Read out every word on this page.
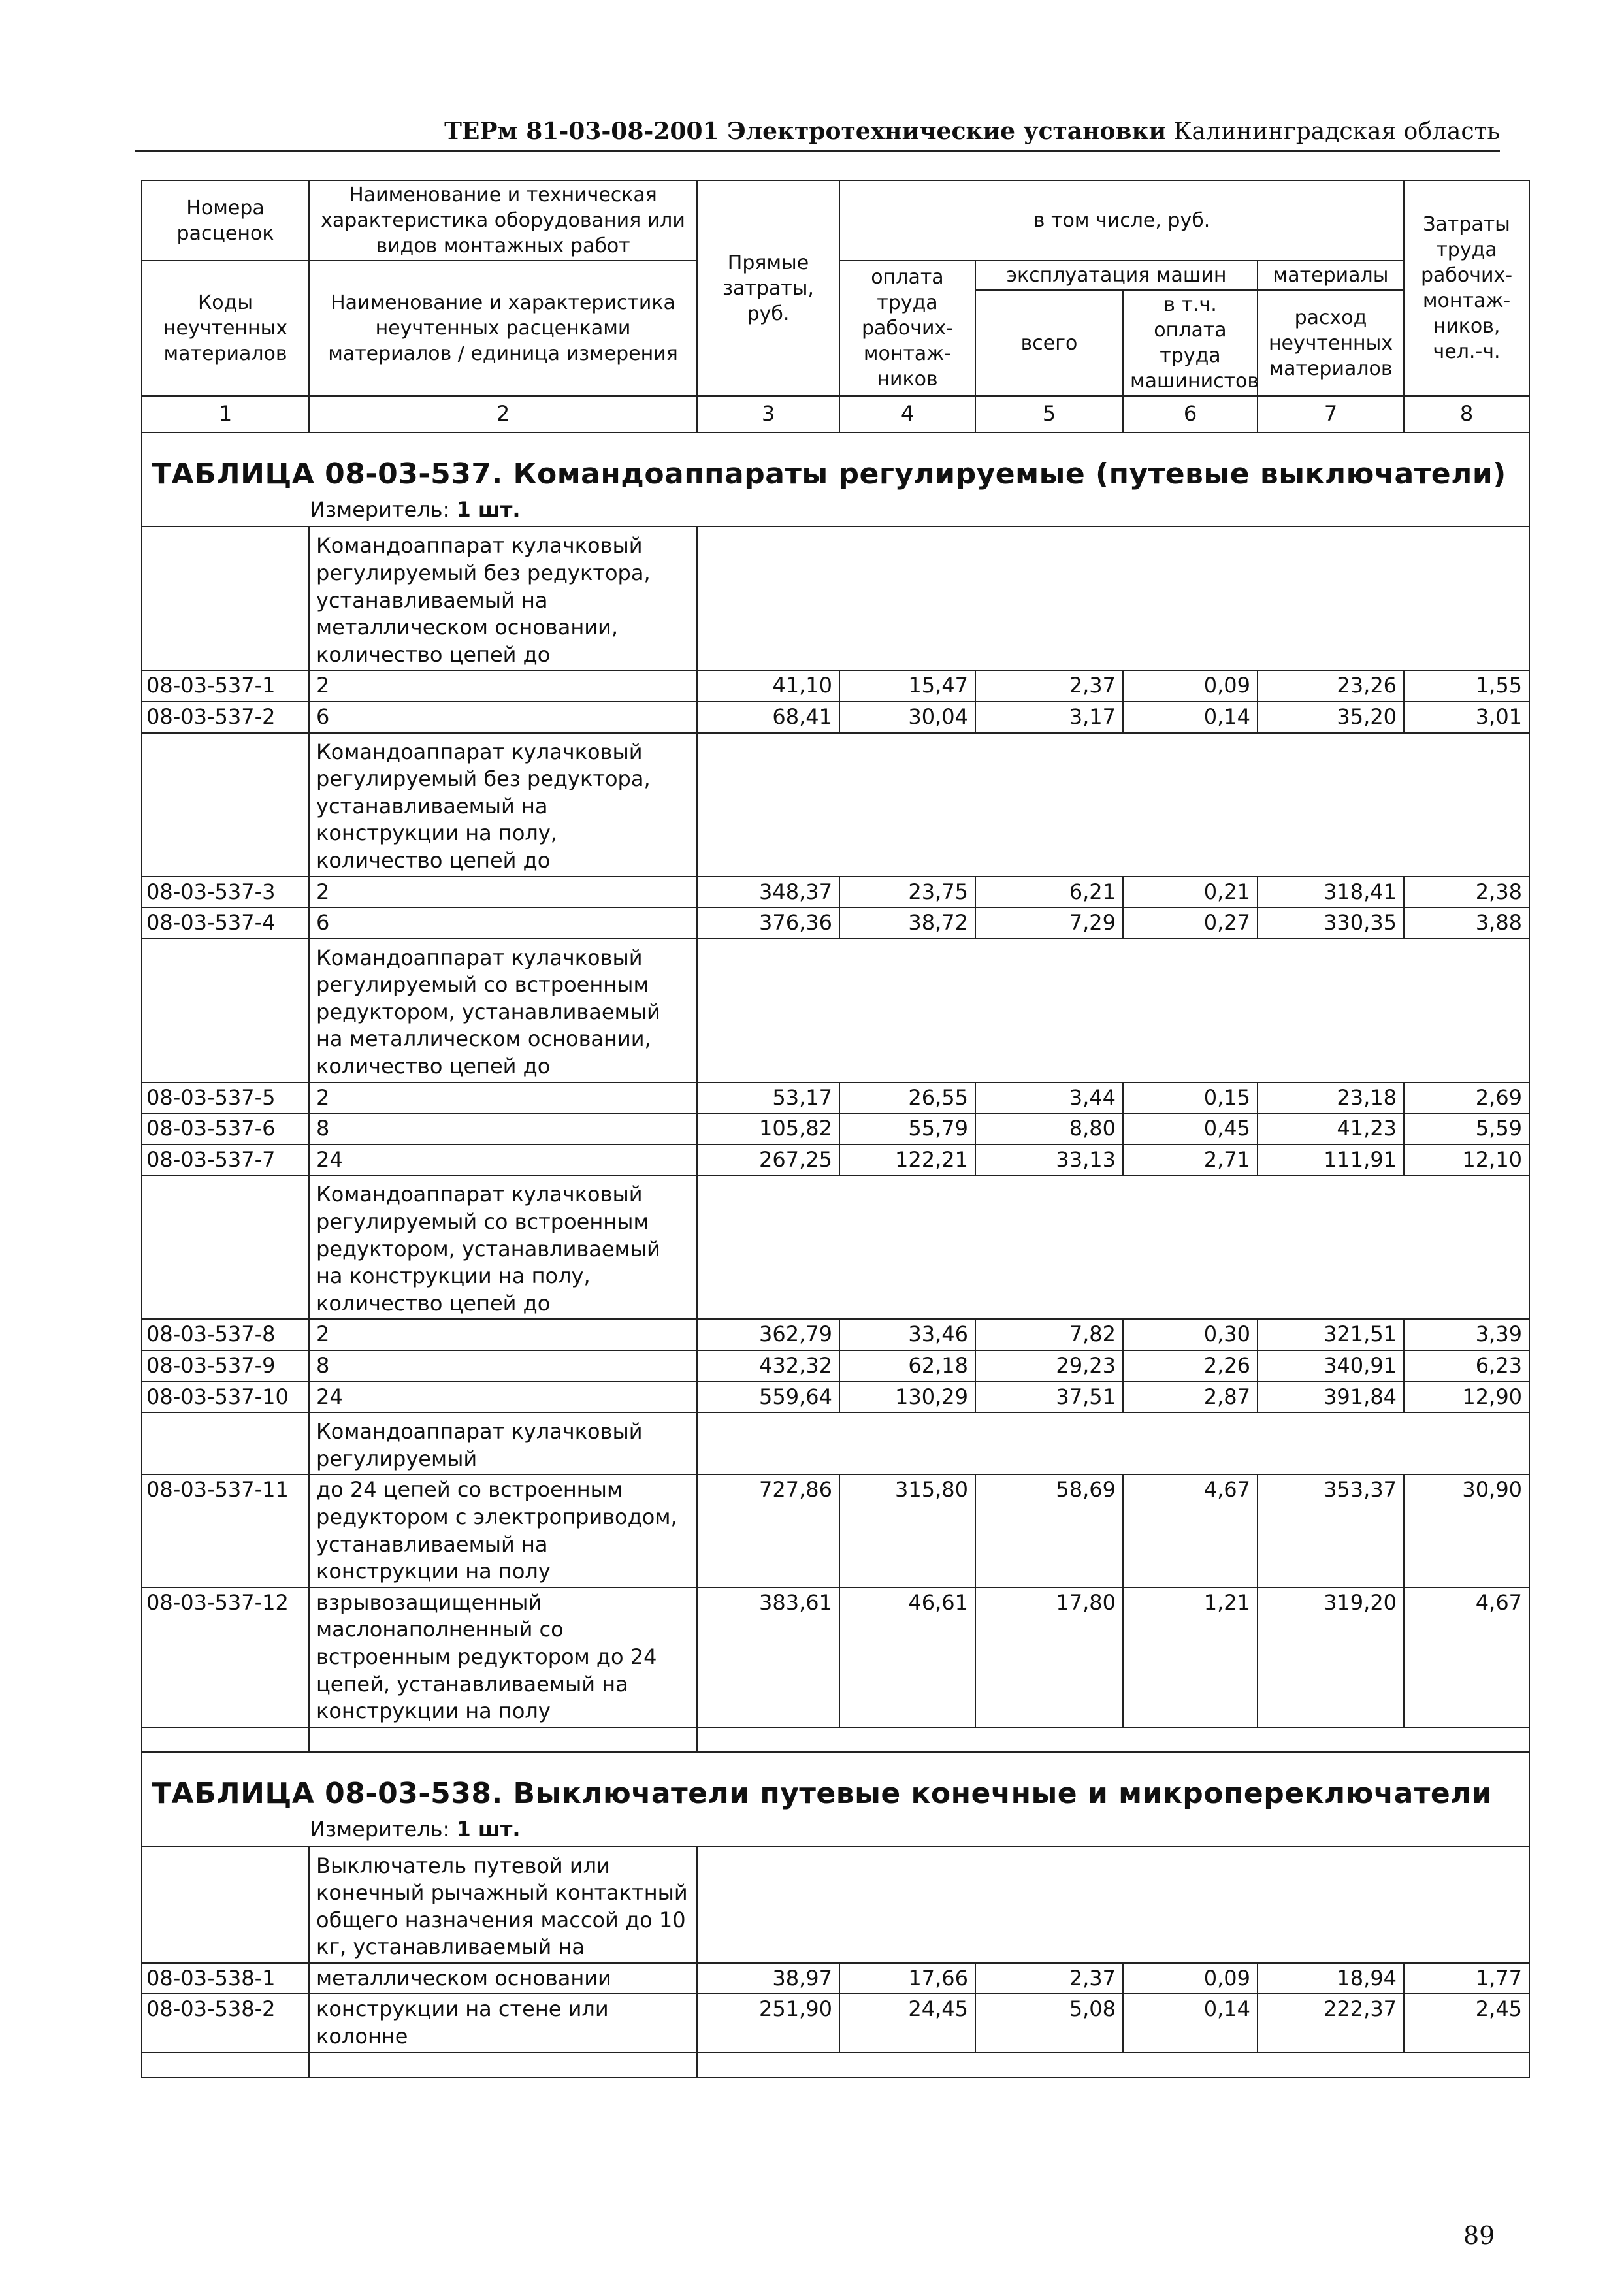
ТЕРм 81-03-08-2001 Электротехнические установки Калининградская область
Номера расценок	Наименование и техническая характеристика оборудования или видов монтажных работ	Прямые затраты, руб.	в том числе, руб.				Затраты труда рабочих-монтаж-ников, чел.-ч.
Коды неучтенных материалов	Наименование и характеристика неучтенных расценками материалов / единица измерения		оплата труда рабочих-монтаж-ников	эксплуатация машин		материалы	
				всего	в т.ч. оплата труда машинистов	расход неучтенных материалов	
1	2	3	4	5	6	7	8
ТАБЛИЦА 08-03-537. Командоаппараты регулируемые (путевые выключатели)							
Измеритель: 1 шт.							
	Командоаппарат кулачковый регулируемый без редуктора, устанавливаемый на металлическом основании, количество цепей до						
08-03-537-1	2	41,10	15,47	2,37	0,09	23,26	1,55
08-03-537-2	6	68,41	30,04	3,17	0,14	35,20	3,01
	Командоаппарат кулачковый регулируемый без редуктора, устанавливаемый на конструкции на полу, количество цепей до						
08-03-537-3	2	348,37	23,75	6,21	0,21	318,41	2,38
08-03-537-4	6	376,36	38,72	7,29	0,27	330,35	3,88
	Командоаппарат кулачковый регулируемый со встроенным редуктором, устанавливаемый на металлическом основании, количество цепей до						
08-03-537-5	2	53,17	26,55	3,44	0,15	23,18	2,69
08-03-537-6	8	105,82	55,79	8,80	0,45	41,23	5,59
08-03-537-7	24	267,25	122,21	33,13	2,71	111,91	12,10
	Командоаппарат кулачковый регулируемый со встроенным редуктором, устанавливаемый на конструкции на полу, количество цепей до						
08-03-537-8	2	362,79	33,46	7,82	0,30	321,51	3,39
08-03-537-9	8	432,32	62,18	29,23	2,26	340,91	6,23
08-03-537-10	24	559,64	130,29	37,51	2,87	391,84	12,90
	Командоаппарат кулачковый регулируемый						
08-03-537-11	до 24 цепей со встроенным редуктором с электроприводом, устанавливаемый на конструкции на полу	727,86	315,80	58,69	4,67	353,37	30,90
08-03-537-12	взрывозащищенный маслонаполненный со встроенным редуктором до 24 цепей, устанавливаемый на конструкции на полу	383,61	46,61	17,80	1,21	319,20	4,67

ТАБЛИЦА 08-03-538. Выключатели путевые конечные и микропереключатели							
Измеритель: 1 шт.							
	Выключатель путевой или конечный рычажный контактный общего назначения массой до 10 кг, устанавливаемый на						
08-03-538-1	металлическом основании	38,97	17,66	2,37	0,09	18,94	1,77
08-03-538-2	конструкции на стене или колонне	251,90	24,45	5,08	0,14	222,37	2,45

89
